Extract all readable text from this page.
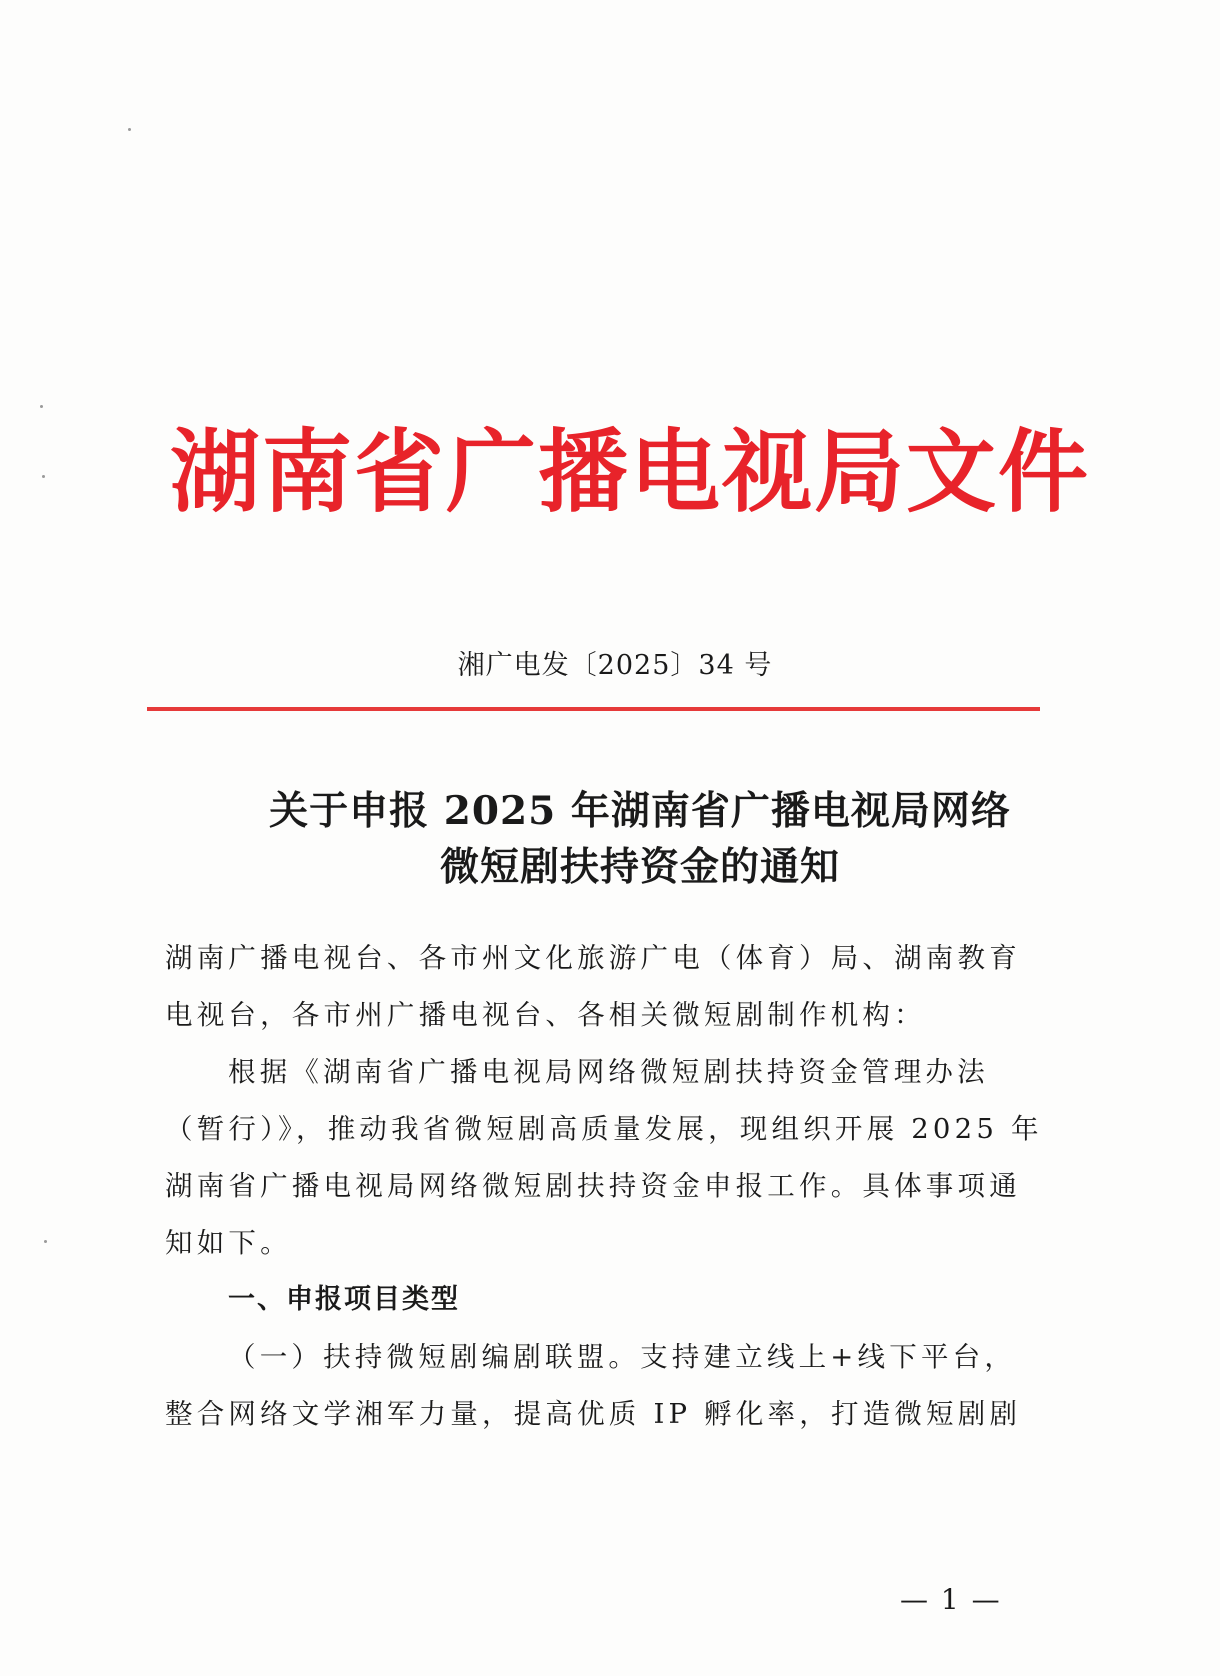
湖南省广播电视局文件
湘广电发〔2025〕34 号
关于申报 2025 年湖南省广播电视局网络
微短剧扶持资金的通知
湖南广播电视台、各市州文化旅游广电（体育）局、湖南教育
电视台，各市州广播电视台、各相关微短剧制作机构：
根据《湖南省广播电视局网络微短剧扶持资金管理办法
（暂行）》，推动我省微短剧高质量发展，现组织开展 2025 年
湖南省广播电视局网络微短剧扶持资金申报工作。具体事项通
知如下。
一、申报项目类型
（一）扶持微短剧编剧联盟。支持建立线上+线下平台，
整合网络文学湘军力量，提高优质 IP 孵化率，打造微短剧剧
— 1 —
